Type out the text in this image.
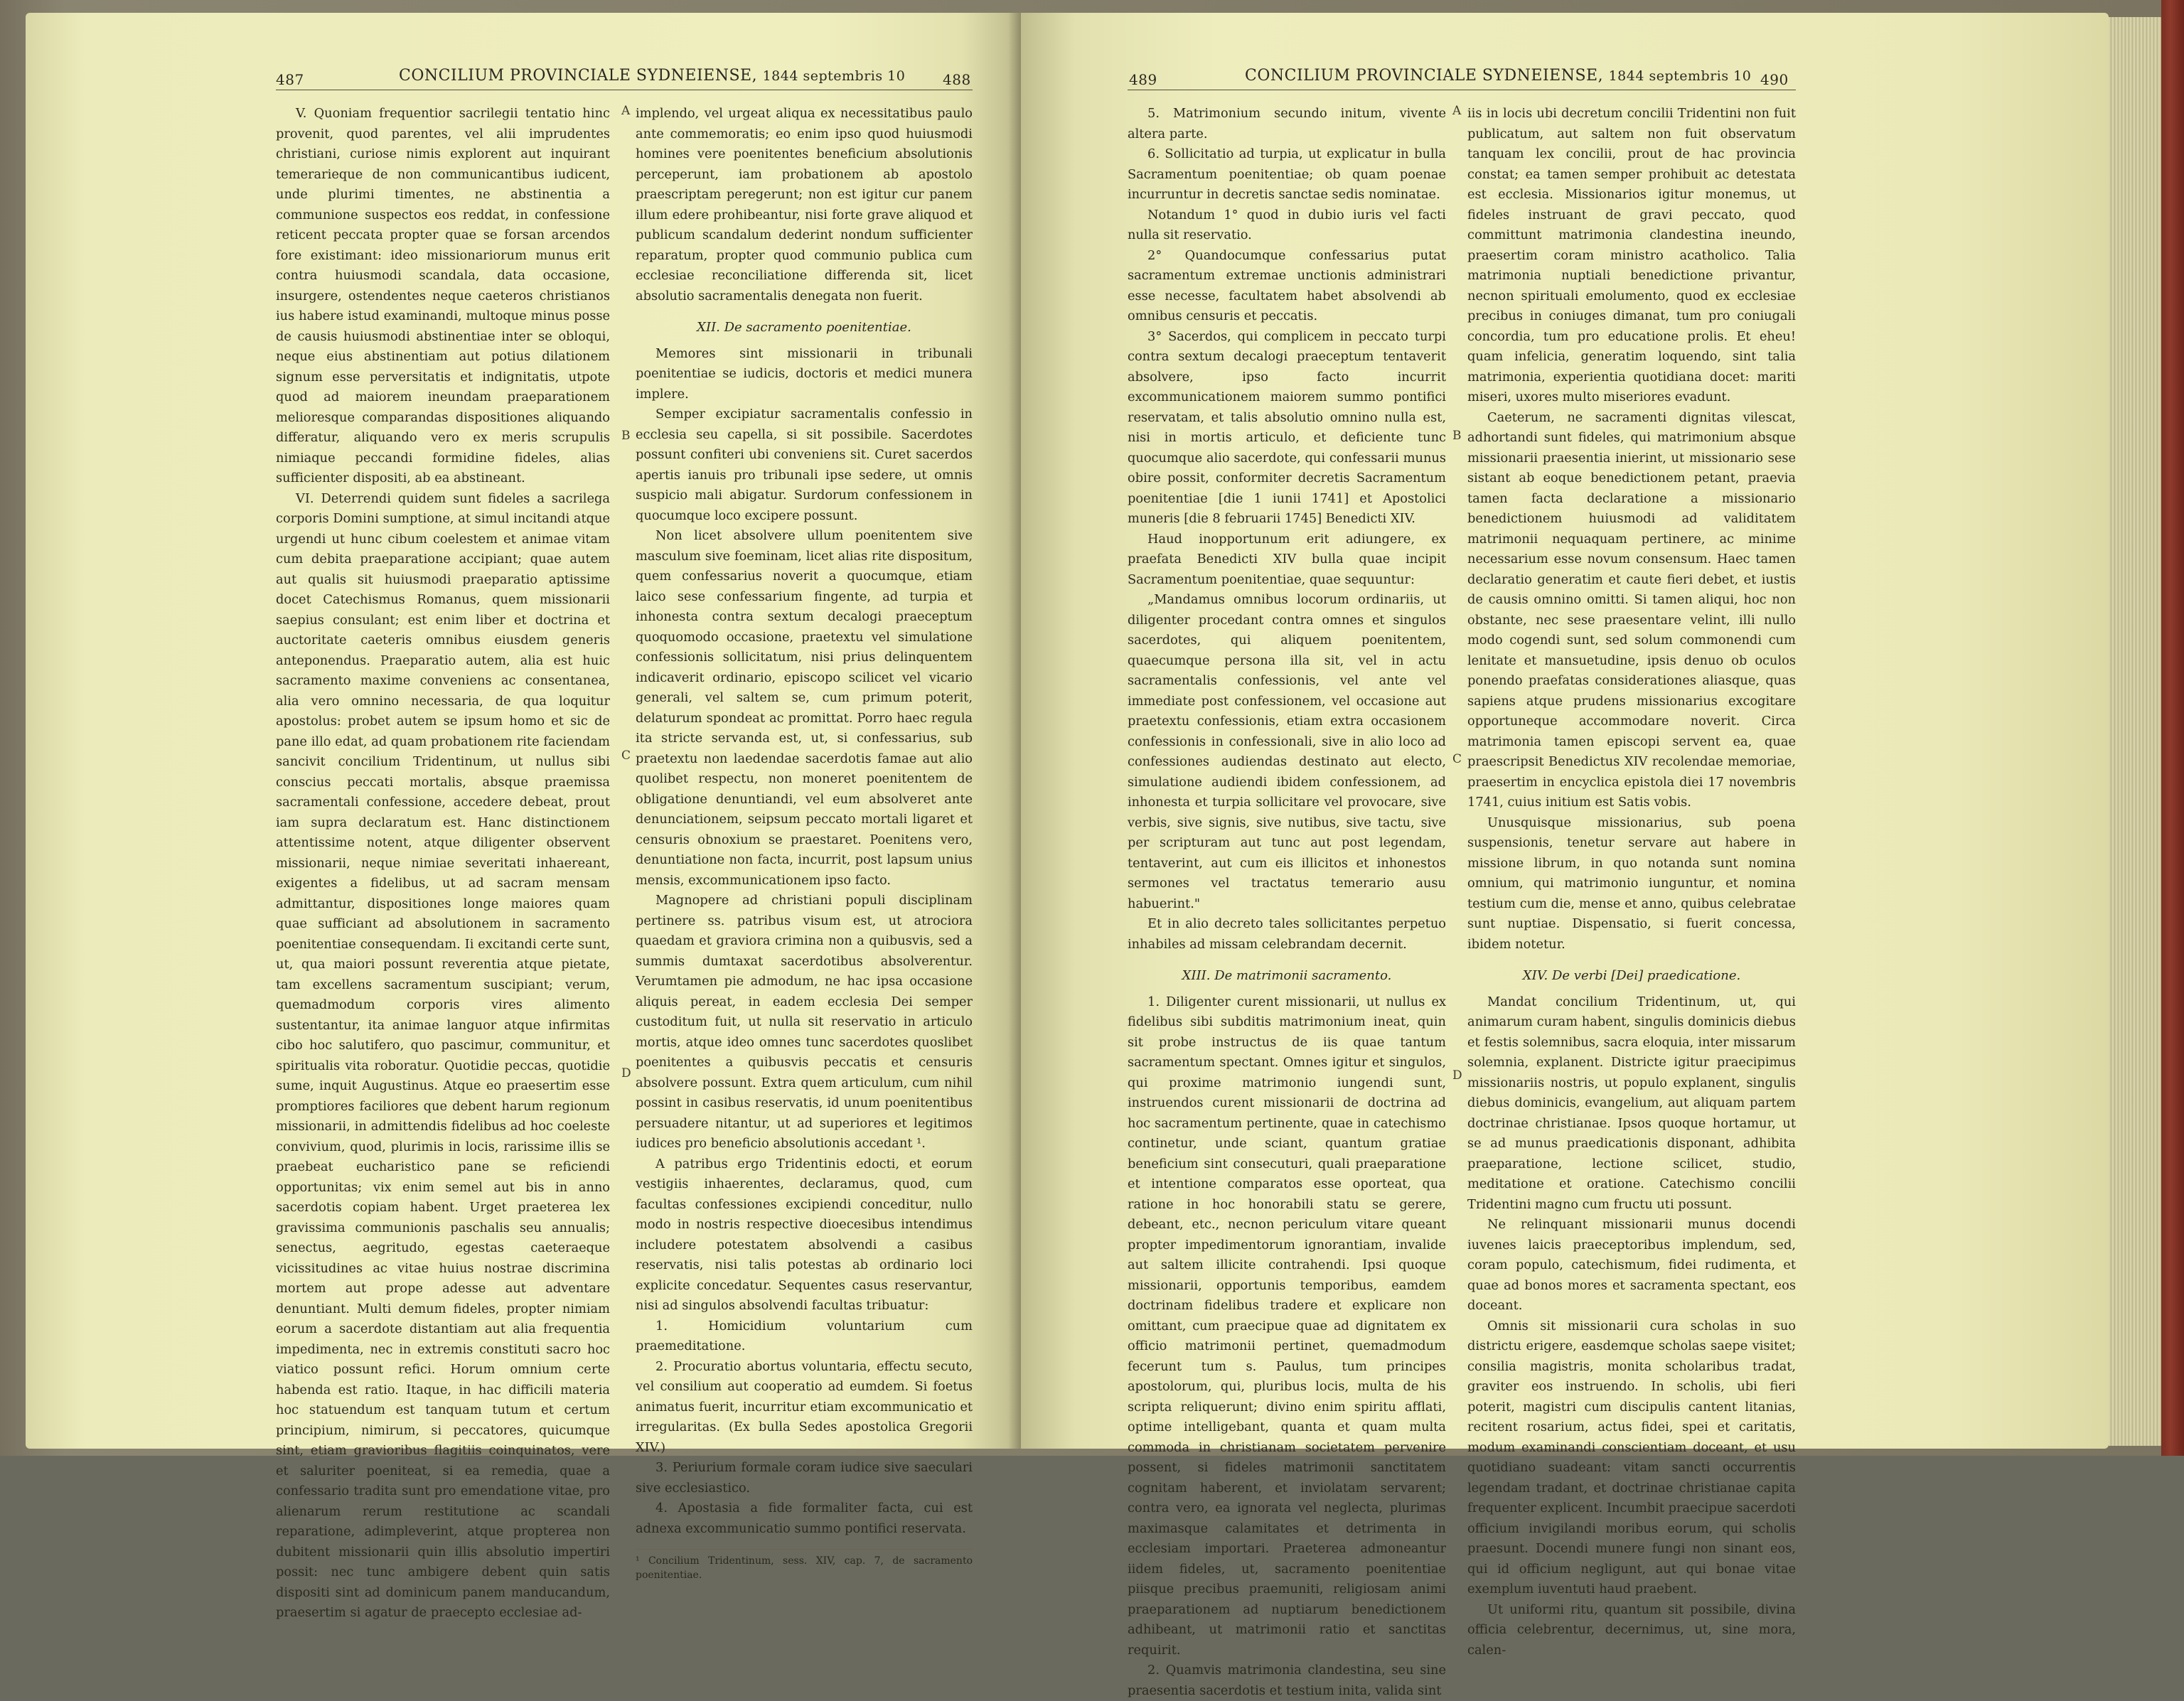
487	CONCILIUM PROVINCIALE SYDNEIENSE, 1844 septembris 10	488

V. Quoniam frequentior sacrilegii tentatio hinc provenit, quod parentes, vel alii imprudentes christiani, curiose nimis explorent aut inquirant temerarieque de non communicantibus iudicent, unde plurimi timentes, ne abstinentia a communione suspectos eos reddat, in confessione reticent peccata propter quae se forsan arcendos fore existimant: ideo missionariorum munus erit contra huiusmodi scandala, data occasione, insurgere, ostendentes neque caeteros christianos ius habere istud examinandi, multoque minus posse de causis huiusmodi abstinentiae inter se obloqui, neque eius abstinentiam aut potius dilationem signum esse perversitatis et indignitatis, utpote quod ad maiorem ineundam praeparationem melioresque comparandas dispositiones aliquando differatur, aliquando vero ex meris scrupulis nimiaque peccandi formidine fideles, alias sufficienter dispositi, ab ea abstineant.

VI. Deterrendi quidem sunt fideles a sacrilega corporis Domini sumptione, at simul incitandi atque urgendi ut hunc cibum coelestem et animae vitam cum debita praeparatione accipiant; quae autem aut qualis sit huiusmodi praeparatio aptissime docet Catechismus Romanus, quem missionarii saepius consulant; est enim liber et doctrina et auctoritate caeteris omnibus eiusdem generis anteponendus. Praeparatio autem, alia est huic sacramento maxime conveniens ac consentanea, alia vero omnino necessaria, de qua loquitur apostolus: probet autem se ipsum homo et sic de pane illo edat, ad quam probationem rite faciendam sancivit concilium Tridentinum, ut nullus sibi conscius peccati mortalis, absque praemissa sacramentali confessione, accedere debeat, prout iam supra declaratum est. Hanc distinctionem attentissime notent, atque diligenter observent missionarii, neque nimiae severitati inhaereant, exigentes a fidelibus, ut ad sacram mensam admittantur, dispositiones longe maiores quam quae sufficiant ad absolutionem in sacramento poenitentiae consequendam. Ii excitandi certe sunt, ut, qua maiori possunt reverentia atque pietate, tam excellens sacramentum suscipiant; verum, quemadmodum corporis vires alimento sustentantur, ita animae languor atque infirmitas cibo hoc salutifero, quo pascimur, communitur, et spiritualis vita roboratur. Quotidie peccas, quotidie sume, inquit Augustinus. Atque eo praesertim esse promptiores faciliores que debent harum regionum missionarii, in admittendis fidelibus ad hoc coeleste convivium, quod, plurimis in locis, rarissime illis se praebeat eucharistico pane se reficiendi opportunitas; vix enim semel aut bis in anno sacerdotis copiam habent. Urget praeterea lex gravissima communionis paschalis seu annualis; senectus, aegritudo, egestas caeteraeque vicissitudines ac vitae huius nostrae discrimina mortem aut prope adesse aut adventare denuntiant. Multi demum fideles, propter nimiam eorum a sacerdote distantiam aut alia frequentia impedimenta, nec in extremis constituti sacro hoc viatico possunt refici. Horum omnium certe habenda est ratio. Itaque, in hac difficili materia hoc statuendum est tanquam tutum et certum principium, nimirum, si peccatores, quicumque sint, etiam gravioribus flagitiis coinquinatos, vere et saluriter poeniteat, si ea remedia, quae a confessario tradita sunt pro emendatione vitae, pro alienarum rerum restitutione ac scandali reparatione, adimpleverint, atque propterea non dubitent missionarii quin illis absolutio impertiri possit: nec tunc ambigere debent quin satis dispositi sint ad dominicum panem manducandum, praesertim si agatur de praecepto ecclesiae ad-

A
B
C
D

implendo, vel urgeat aliqua ex necessitatibus paulo ante commemoratis; eo enim ipso quod huiusmodi homines vere poenitentes beneficium absolutionis perceperunt, iam probationem ab apostolo praescriptam peregerunt; non est igitur cur panem illum edere prohibeantur, nisi forte grave aliquod et publicum scandalum dederint nondum sufficienter reparatum, propter quod communio publica cum ecclesiae reconciliatione differenda sit, licet absolutio sacramentalis denegata non fuerit.

XII. De sacramento poenitentiae.

Memores sint missionarii in tribunali poenitentiae se iudicis, doctoris et medici munera implere.

Semper excipiatur sacramentalis confessio in ecclesia seu capella, si sit possibile. Sacerdotes possunt confiteri ubi conveniens sit. Curet sacerdos apertis ianuis pro tribunali ipse sedere, ut omnis suspicio mali abigatur. Surdorum confessionem in quocumque loco excipere possunt.

Non licet absolvere ullum poenitentem sive masculum sive foeminam, licet alias rite dispositum, quem confessarius noverit a quocumque, etiam laico sese confessarium fingente, ad turpia et inhonesta contra sextum decalogi praeceptum quoquomodo occasione, praetextu vel simulatione confessionis sollicitatum, nisi prius delinquentem indicaverit ordinario, episcopo scilicet vel vicario generali, vel saltem se, cum primum poterit, delaturum spondeat ac promittat. Porro haec regula ita stricte servanda est, ut, si confessarius, sub praetextu non laedendae sacerdotis famae aut alio quolibet respectu, non moneret poenitentem de obligatione denuntiandi, vel eum absolveret ante denunciationem, seipsum peccato mortali ligaret et censuris obnoxium se praestaret. Poenitens vero, denuntiatione non facta, incurrit, post lapsum unius mensis, excommunicationem ipso facto.

Magnopere ad christiani populi disciplinam pertinere ss. patribus visum est, ut atrociora quaedam et graviora crimina non a quibusvis, sed a summis dumtaxat sacerdotibus absolverentur. Verumtamen pie admodum, ne hac ipsa occasione aliquis pereat, in eadem ecclesia Dei semper custoditum fuit, ut nulla sit reservatio in articulo mortis, atque ideo omnes tunc sacerdotes quoslibet poenitentes a quibusvis peccatis et censuris absolvere possunt. Extra quem articulum, cum nihil possint in casibus reservatis, id unum poenitentibus persuadere nitantur, ut ad superiores et legitimos iudices pro beneficio absolutionis accedant ¹.

A patribus ergo Tridentinis edocti, et eorum vestigiis inhaerentes, declaramus, quod, cum facultas confessiones excipiendi conceditur, nullo modo in nostris respective dioecesibus intendimus includere potestatem absolvendi a casibus reservatis, nisi talis potestas ab ordinario loci explicite concedatur. Sequentes casus reservantur, nisi ad singulos absolvendi facultas tribuatur:

1. Homicidium voluntarium cum praemeditatione.

2. Procuratio abortus voluntaria, effectu secuto, vel consilium aut cooperatio ad eumdem. Si foetus animatus fuerit, incurritur etiam excommunicatio et irregularitas. (Ex bulla Sedes apostolica Gregorii XIV.)

3. Periurium formale coram iudice sive saeculari sive ecclesiastico.

4. Apostasia a fide formaliter facta, cui est adnexa excommunicatio summo pontifici reservata.

¹ Concilium Tridentinum, sess. XIV, cap. 7, de sacramento poenitentiae.

489	CONCILIUM PROVINCIALE SYDNEIENSE, 1844 septembris 10 490

5. Matrimonium secundo initum, vivente altera parte.

6. Sollicitatio ad turpia, ut explicatur in bulla Sacramentum poenitentiae; ob quam poenae incurruntur in decretis sanctae sedis nominatae.

Notandum 1° quod in dubio iuris vel facti nulla sit reservatio.

2° Quandocumque confessarius putat sacramentum extremae unctionis administrari esse necesse, facultatem habet absolvendi ab omnibus censuris et peccatis.

3° Sacerdos, qui complicem in peccato turpi contra sextum decalogi praeceptum tentaverit absolvere, ipso facto incurrit excommunicationem maiorem summo pontifici reservatam, et talis absolutio omnino nulla est, nisi in mortis articulo, et deficiente tunc quocumque alio sacerdote, qui confessarii munus obire possit, conformiter decretis Sacramentum poenitentiae [die 1 iunii 1741] et Apostolici muneris [die 8 februarii 1745] Benedicti XIV.

Haud inopportunum erit adiungere, ex praefata Benedicti XIV bulla quae incipit Sacramentum poenitentiae, quae sequuntur:

„Mandamus omnibus locorum ordinariis, ut diligenter procedant contra omnes et singulos sacerdotes, qui aliquem poenitentem, quaecumque persona illa sit, vel in actu sacramentalis confessionis, vel ante vel immediate post confessionem, vel occasione aut praetextu confessionis, etiam extra occasionem confessionis in confessionali, sive in alio loco ad confessiones audiendas destinato aut electo, simulatione audiendi ibidem confessionem, ad inhonesta et turpia sollicitare vel provocare, sive verbis, sive signis, sive nutibus, sive tactu, sive per scripturam aut tunc aut post legendam, tentaverint, aut cum eis illicitos et inhonestos sermones vel tractatus temerario ausu habuerint."

Et in alio decreto tales sollicitantes perpetuo inhabiles ad missam celebrandam decernit.

XIII. De matrimonii sacramento.

1. Diligenter curent missionarii, ut nullus ex fidelibus sibi subditis matrimonium ineat, quin sit probe instructus de iis quae tantum sacramentum spectant. Omnes igitur et singulos, qui proxime matrimonio iungendi sunt, instruendos curent missionarii de doctrina ad hoc sacramentum pertinente, quae in catechismo continetur, unde sciant, quantum gratiae beneficium sint consecuturi, quali praeparatione et intentione comparatos esse oporteat, qua ratione in hoc honorabili statu se gerere, debeant, etc., necnon periculum vitare queant propter impedimentorum ignorantiam, invalide aut saltem illicite contrahendi. Ipsi quoque missionarii, opportunis temporibus, eamdem doctrinam fidelibus tradere et explicare non omittant, cum praecipue quae ad dignitatem ex officio matrimonii pertinet, quemadmodum fecerunt tum s. Paulus, tum principes apostolorum, qui, pluribus locis, multa de his scripta reliquerunt; divino enim spiritu afflati, optime intelligebant, quanta et quam multa commoda in christianam societatem pervenire possent, si fideles matrimonii sanctitatem cognitam haberent, et inviolatam servarent; contra vero, ea ignorata vel neglecta, plurimas maximasque calamitates et detrimenta in ecclesiam importari. Praeterea admoneantur iidem fideles, ut, sacramento poenitentiae piisque precibus praemuniti, religiosam animi praeparationem ad nuptiarum benedictionem adhibeant, ut matrimonii ratio et sanctitas requirit.

2. Quamvis matrimonia clandestina, seu sine praesentia sacerdotis et testium inita, valida sint

A
B
C
D

iis in locis ubi decretum concilii Tridentini non fuit publicatum, aut saltem non fuit observatum tanquam lex concilii, prout de hac provincia constat; ea tamen semper prohibuit ac detestata est ecclesia. Missionarios igitur monemus, ut fideles instruant de gravi peccato, quod committunt matrimonia clandestina ineundo, praesertim coram ministro acatholico. Talia matrimonia nuptiali benedictione privantur, necnon spirituali emolumento, quod ex ecclesiae precibus in coniuges dimanat, tum pro coniugali concordia, tum pro educatione prolis. Et eheu! quam infelicia, generatim loquendo, sint talia matrimonia, experientia quotidiana docet: mariti miseri, uxores multo miseriores evadunt.

Caeterum, ne sacramenti dignitas vilescat, adhortandi sunt fideles, qui matrimonium absque missionarii praesentia inierint, ut missionario sese sistant ab eoque benedictionem petant, praevia tamen facta declaratione a missionario benedictionem huiusmodi ad validitatem matrimonii nequaquam pertinere, ac minime necessarium esse novum consensum. Haec tamen declaratio generatim et caute fieri debet, et iustis de causis omnino omitti. Si tamen aliqui, hoc non obstante, nec sese praesentare velint, illi nullo modo cogendi sunt, sed solum commonendi cum lenitate et mansuetudine, ipsis denuo ob oculos ponendo praefatas considerationes aliasque, quas sapiens atque prudens missionarius excogitare opportuneque accommodare noverit. Circa matrimonia tamen episcopi servent ea, quae praescripsit Benedictus XIV recolendae memoriae, praesertim in encyclica epistola diei 17 novembris 1741, cuius initium est Satis vobis.

Unusquisque missionarius, sub poena suspensionis, tenetur servare aut habere in missione librum, in quo notanda sunt nomina omnium, qui matrimonio iunguntur, et nomina testium cum die, mense et anno, quibus celebratae sunt nuptiae. Dispensatio, si fuerit concessa, ibidem notetur.

XIV. De verbi [Dei] praedicatione.

Mandat concilium Tridentinum, ut, qui animarum curam habent, singulis dominicis diebus et festis solemnibus, sacra eloquia, inter missarum solemnia, explanent. Districte igitur praecipimus missionariis nostris, ut populo explanent, singulis diebus dominicis, evangelium, aut aliquam partem doctrinae christianae. Ipsos quoque hortamur, ut se ad munus praedicationis disponant, adhibita praeparatione, lectione scilicet, studio, meditatione et oratione. Catechismo concilii Tridentini magno cum fructu uti possunt.

Ne relinquant missionarii munus docendi iuvenes laicis praeceptoribus implendum, sed, coram populo, catechismum, fidei rudimenta, et quae ad bonos mores et sacramenta spectant, eos doceant.

Omnis sit missionarii cura scholas in suo districtu erigere, easdemque scholas saepe visitet; consilia magistris, monita scholaribus tradat, graviter eos instruendo. In scholis, ubi fieri poterit, magistri cum discipulis cantent litanias, recitent rosarium, actus fidei, spei et caritatis, modum examinandi conscientiam doceant, et usu quotidiano suadeant: vitam sancti occurrentis legendam tradant, et doctrinae christianae capita frequenter explicent. Incumbit praecipue sacerdoti officium invigilandi moribus eorum, qui scholis praesunt. Docendi munere fungi non sinant eos, qui id officium negligunt, aut qui bonae vitae exemplum iuventuti haud praebent.

Ut uniformi ritu, quantum sit possibile, divina officia celebrentur, decernimus, ut, sine mora, calen-
